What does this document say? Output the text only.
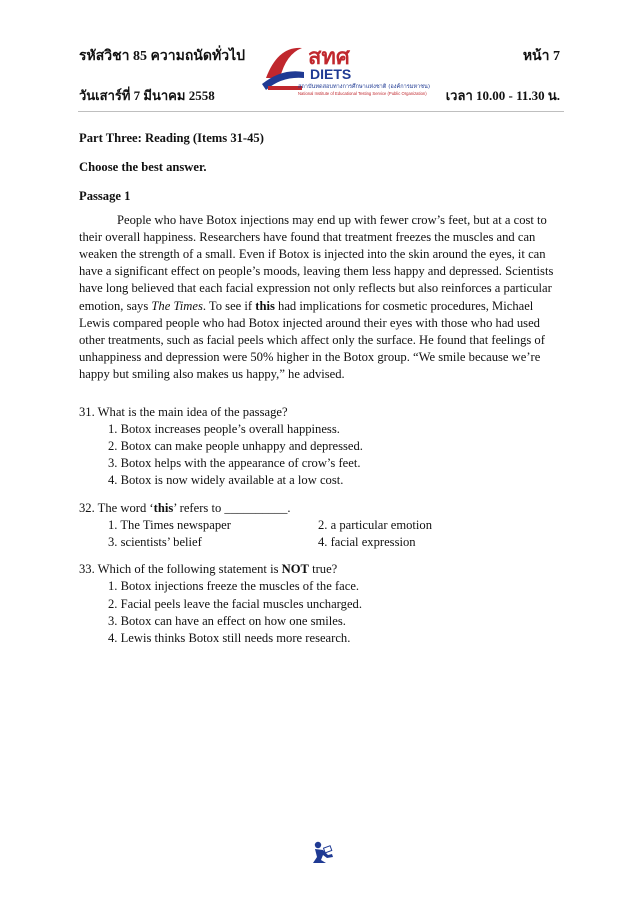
รหัสวิชา 85 ความถนัดทั่วไป
วันเสาร์ที่ 7 มีนาคม 2558
หน้า 7
เวลา 10.00 - 11.30 น.
สทศ
DIETS
สถาบันทดสอบทางการศึกษาแห่งชาติ (องค์การมหาชน)
National Institute of Educational Testing Service (Public Organization)

Part Three: Reading (Items 31-45)

Choose the best answer.

Passage 1

People who have Botox injections may end up with fewer crow’s feet, but at a cost to their overall happiness. Researchers have found that treatment freezes the muscles and can weaken the strength of a small. Even if Botox is injected into the skin around the eyes, it can have a significant effect on people’s moods, leaving them less happy and depressed. Scientists have long believed that each facial expression not only reflects but also reinforces a particular emotion, says The Times. To see if this had implications for cosmetic procedures, Michael Lewis compared people who had Botox injected around their eyes with those who had used other treatments, such as facial peels which affect only the surface. He found that feelings of unhappiness and depression were 50% higher in the Botox group. “We smile because we’re happy but smiling also makes us happy,” he advised.

31. What is the main idea of the passage?

1. Botox increases people’s overall happiness.

2. Botox can make people unhappy and depressed.

3. Botox helps with the appearance of crow’s feet.

4. Botox is now widely available at a low cost.

32. The word ‘this’ refers to __________.

1. The Times newspaper	2. a particular emotion
3. scientists’ belief	4. facial expression

33. Which of the following statement is NOT true?

1. Botox injections freeze the muscles of the face.

2. Facial peels leave the facial muscles uncharged.

3. Botox can have an effect on how one smiles.

4. Lewis thinks Botox still needs more research.
